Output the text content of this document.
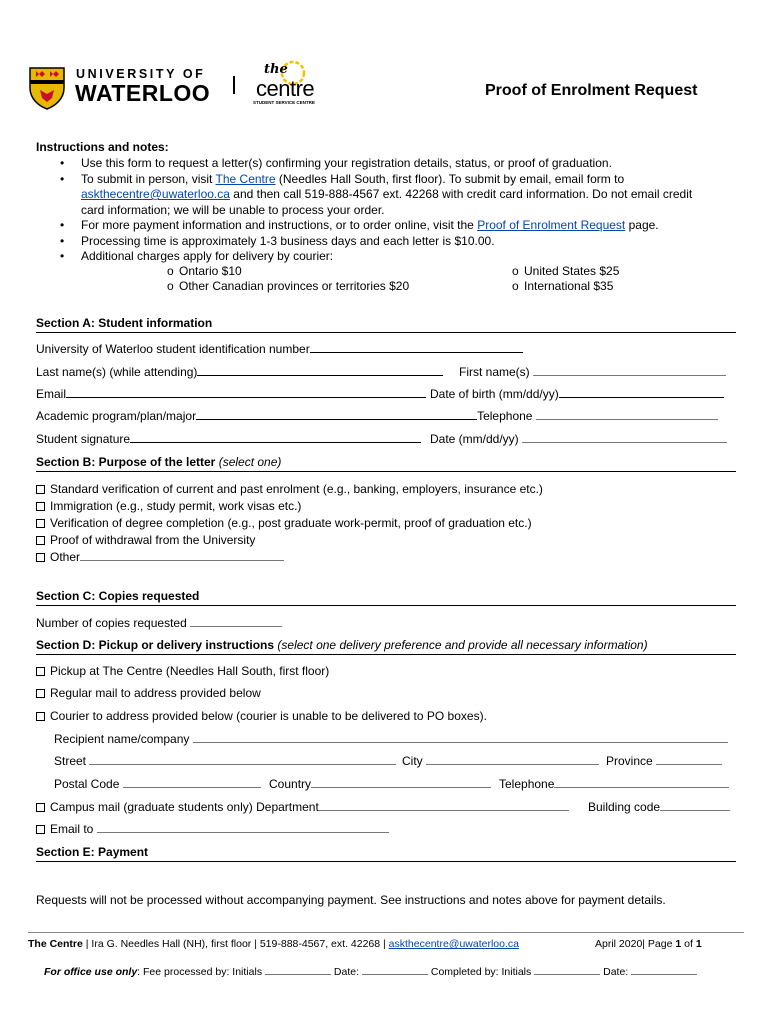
UNIVERSITY OF
WATERLOO
the
centre
STUDENT SERVICE CENTRE
Proof of Enrolment Request
Instructions and notes:
• Use this form to request a letter(s) confirming your registration details, status, or proof of graduation.
• To submit in person, visit The Centre (Needles Hall South, first floor). To submit by email, email form to
askthecentre@uwaterloo.ca and then call 519-888-4567 ext. 42268 with credit card information. Do not email credit
card information; we will be unable to process your order.
• For more payment information and instructions, or to order online, visit the Proof of Enrolment Request page.
• Processing time is approximately 1-3 business days and each letter is $10.00.
• Additional charges apply for delivery by courier:
o Ontario $10
o Other Canadian provinces or territories $20
o United States $25
o International $35
Section A: Student information
University of Waterloo student identification number
Last name(s) (while attending)	First name(s)
Email	Date of birth (mm/dd/yy)
Academic program/plan/major	Telephone
Student signature	Date (mm/dd/yy)
Section B: Purpose of the letter (select one)
Standard verification of current and past enrolment (e.g., banking, employers, insurance etc.)
Immigration (e.g., study permit, work visas etc.)
Verification of degree completion (e.g., post graduate work-permit, proof of graduation etc.)
Proof of withdrawal from the University
Other
Section C: Copies requested
Number of copies requested
Section D: Pickup or delivery instructions (select one delivery preference and provide all necessary information)
Pickup at The Centre (Needles Hall South, first floor)
Regular mail to address provided below
Courier to address provided below (courier is unable to be delivered to PO boxes).
Recipient name/company
Street	City	Province
Postal Code	Country	Telephone
Campus mail (graduate students only) Department	Building code
Email to
Section E: Payment
Requests will not be processed without accompanying payment. See instructions and notes above for payment details.
The Centre | Ira G. Needles Hall (NH), first floor | 519-888-4567, ext. 42268 | askthecentre@uwaterloo.ca	April 2020| Page 1 of 1
For office use only: Fee processed by: Initials	Date:	Completed by: Initials	Date:
